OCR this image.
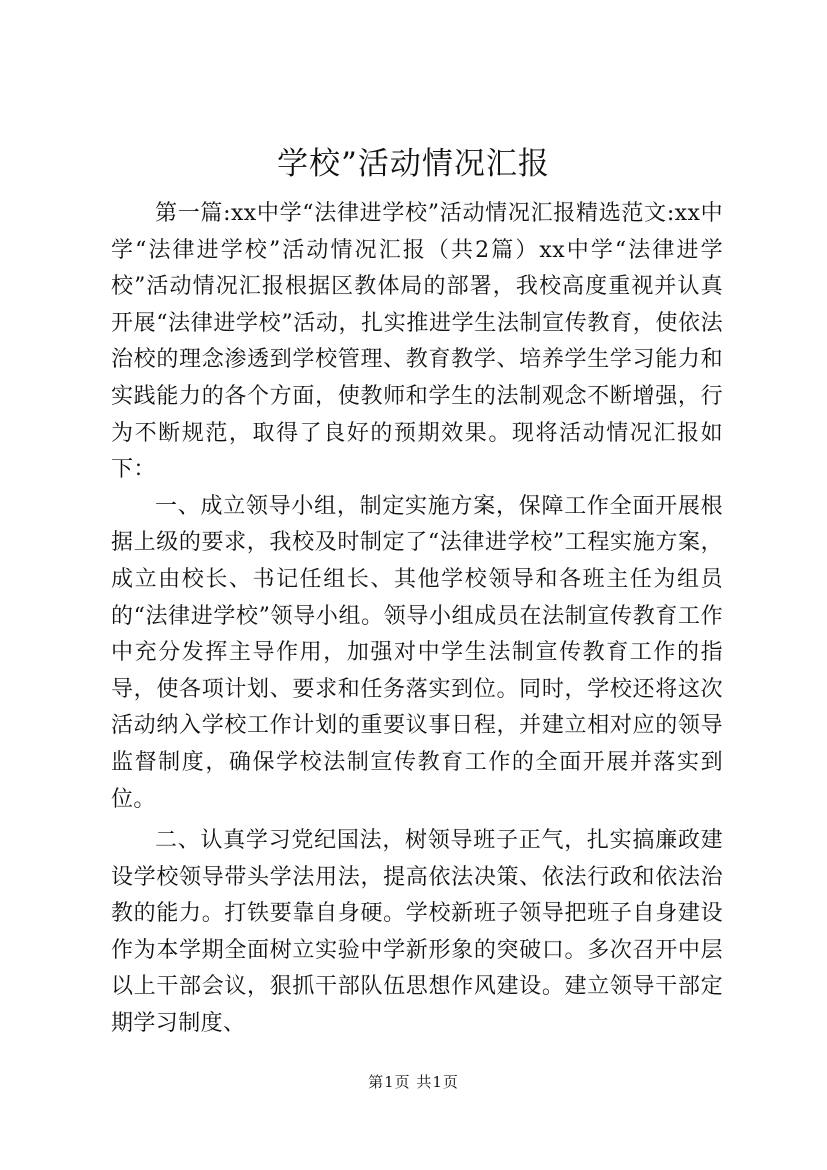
学校”活动情况汇报

第一篇:xx中学“法律进学校”活动情况汇报精选范文:xx中学“法律进学校”活动情况汇报（共2篇）xx中学“法律进学校”活动情况汇报根据区教体局的部署，我校高度重视并认真开展“法律进学校”活动，扎实推进学生法制宣传教育，使依法治校的理念渗透到学校管理、教育教学、培养学生学习能力和实践能力的各个方面，使教师和学生的法制观念不断增强，行为不断规范，取得了良好的预期效果。现将活动情况汇报如下：

一、成立领导小组，制定实施方案，保障工作全面开展根据上级的要求，我校及时制定了“法律进学校”工程实施方案，成立由校长、书记任组长、其他学校领导和各班主任为组员的“法律进学校”领导小组。领导小组成员在法制宣传教育工作中充分发挥主导作用，加强对中学生法制宣传教育工作的指导，使各项计划、要求和任务落实到位。同时，学校还将这次活动纳入学校工作计划的重要议事日程，并建立相对应的领导监督制度，确保学校法制宣传教育工作的全面开展并落实到位。

二、认真学习党纪国法，树领导班子正气，扎实搞廉政建设学校领导带头学法用法，提高依法决策、依法行政和依法治教的能力。打铁要靠自身硬。学校新班子领导把班子自身建设作为本学期全面树立实验中学新形象的突破口。多次召开中层以上干部会议，狠抓干部队伍思想作风建设。建立领导干部定期学习制度、

第1页 共1页
